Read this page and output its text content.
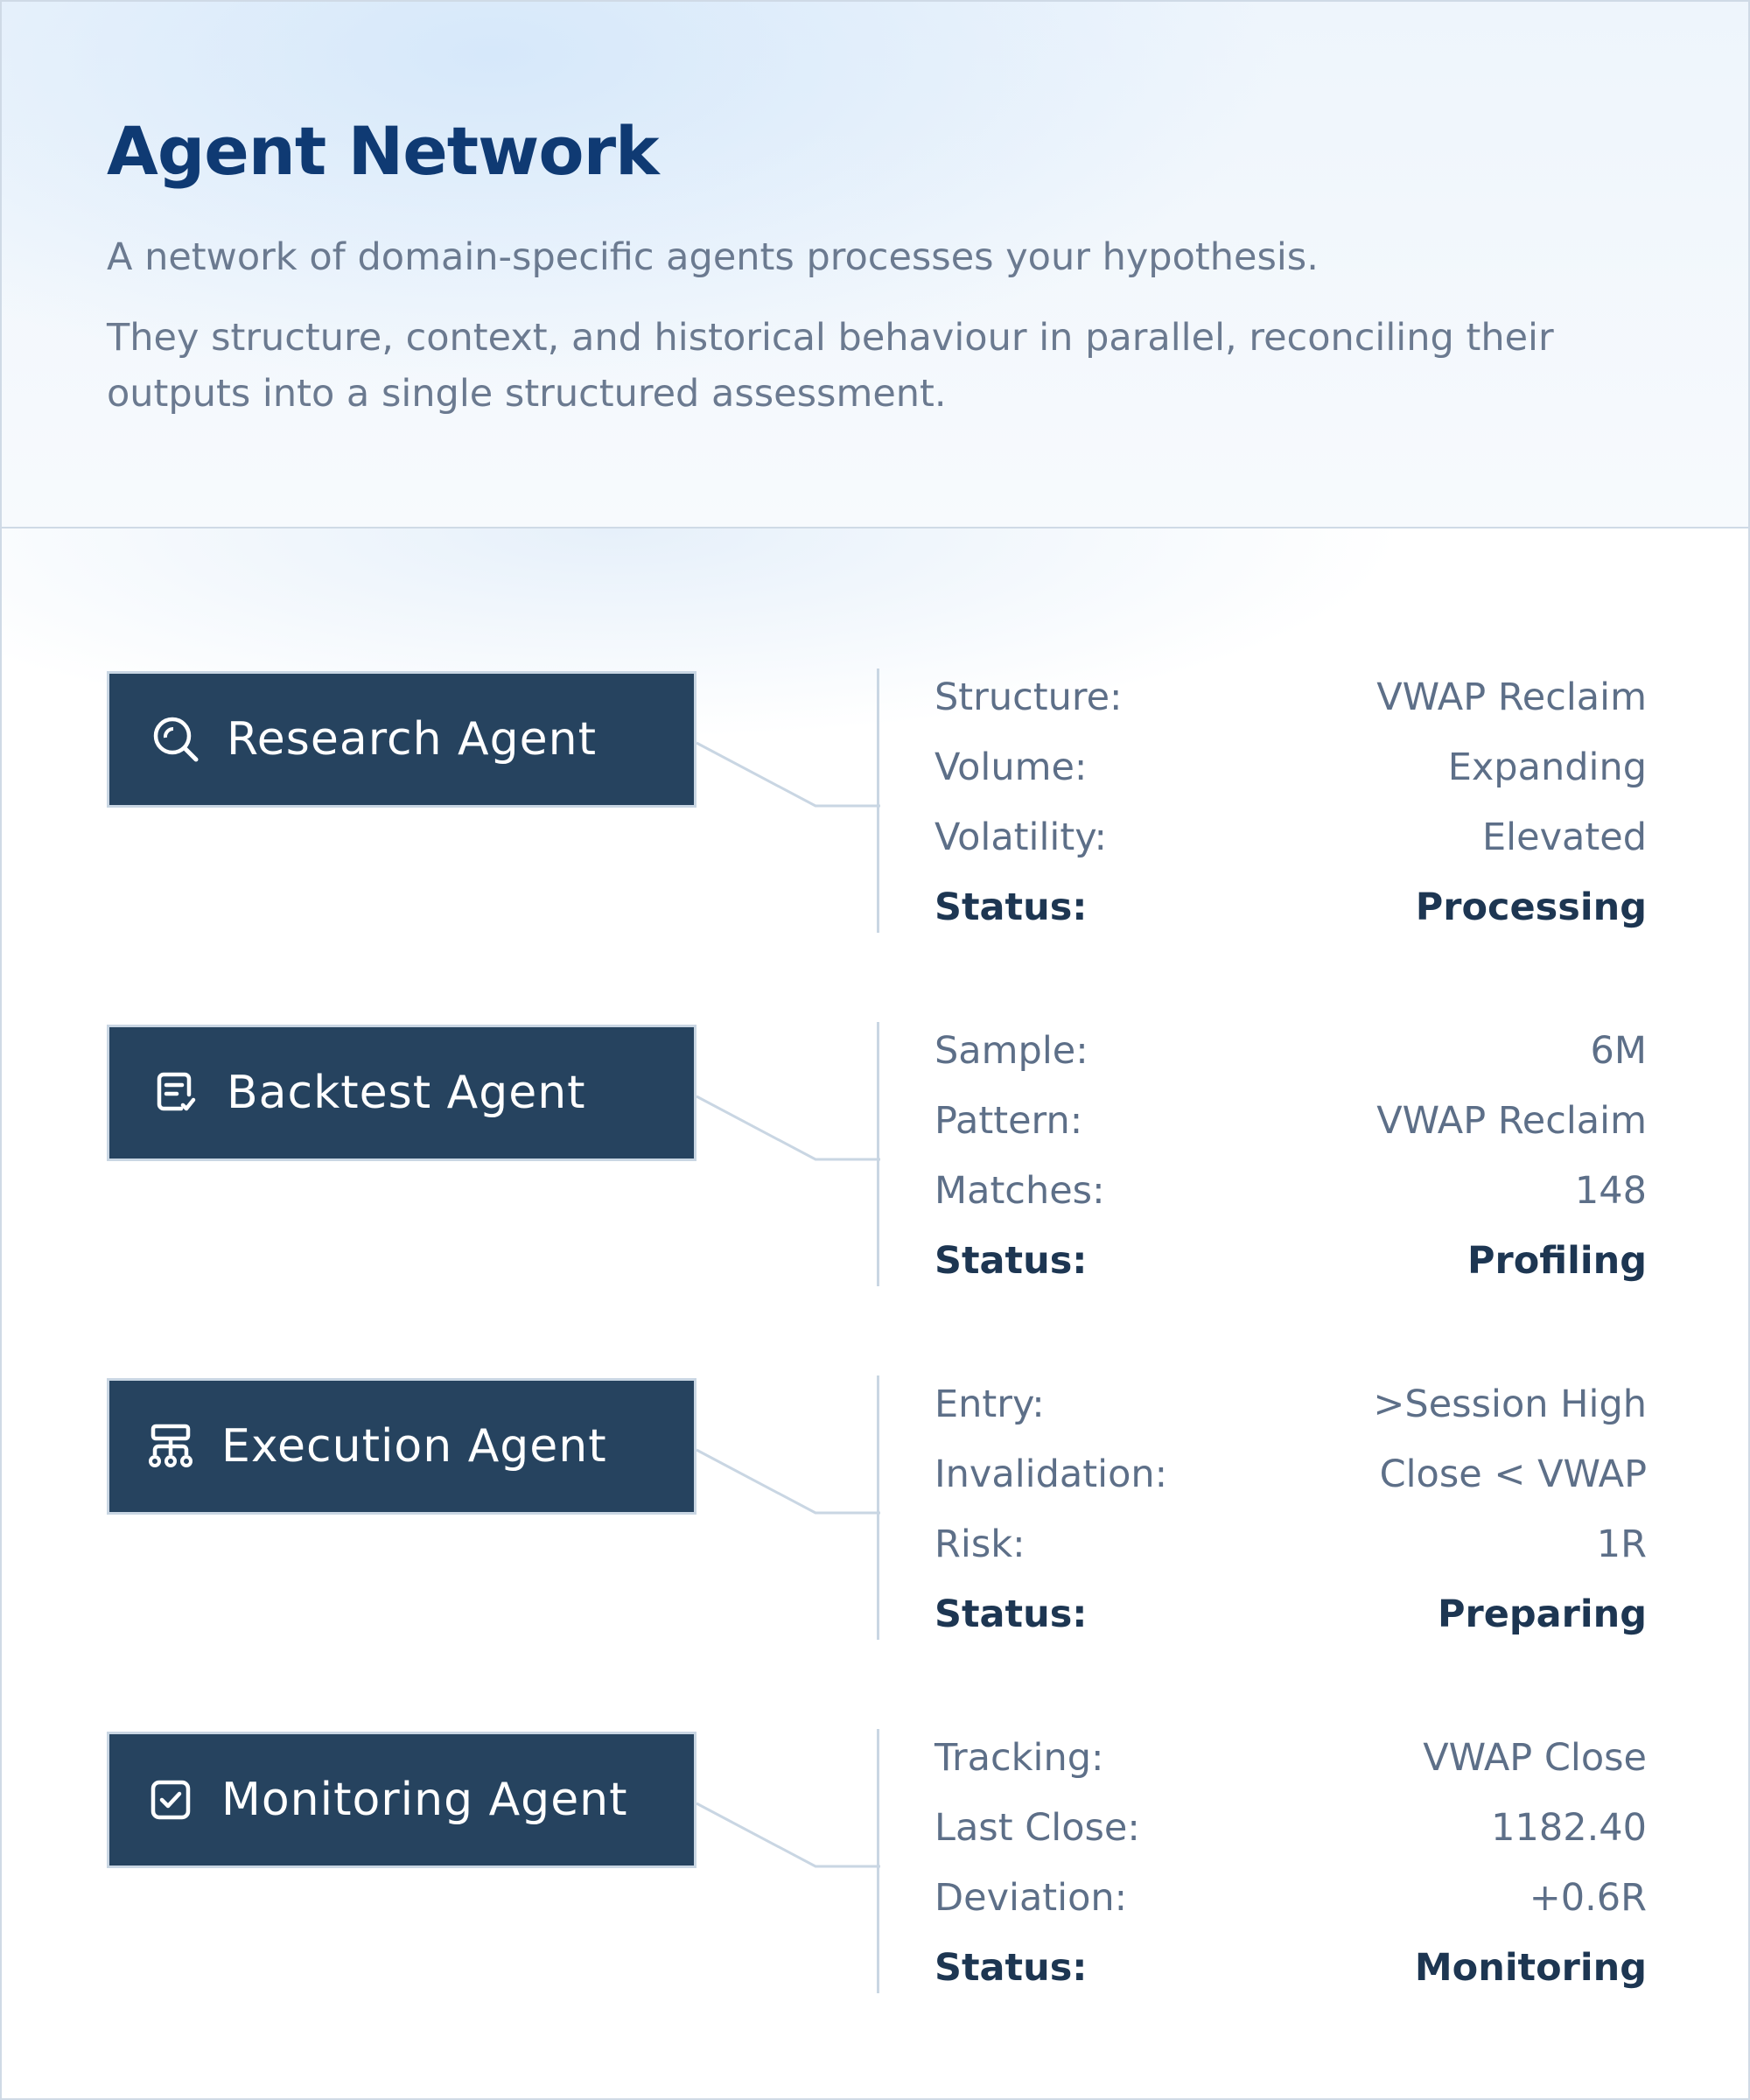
Agent Network
A network of domain-specific agents processes your hypothesis.
They structure, context, and historical behaviour in parallel, reconciling their outputs into a single structured assessment.
Research Agent
Structure:	VWAP Reclaim
Volume:	Expanding
Volatility:	Elevated
Status:	Processing
Backtest Agent
Sample:	6M
Pattern:	VWAP Reclaim
Matches:	148
Status:	Profiling
Execution Agent
Entry:	>Session High
Invalidation:	Close < VWAP
Risk:	1R
Status:	Preparing
Monitoring Agent
Tracking:	VWAP Close
Last Close:	1182.40
Deviation:	+0.6R
Status:	Monitoring
